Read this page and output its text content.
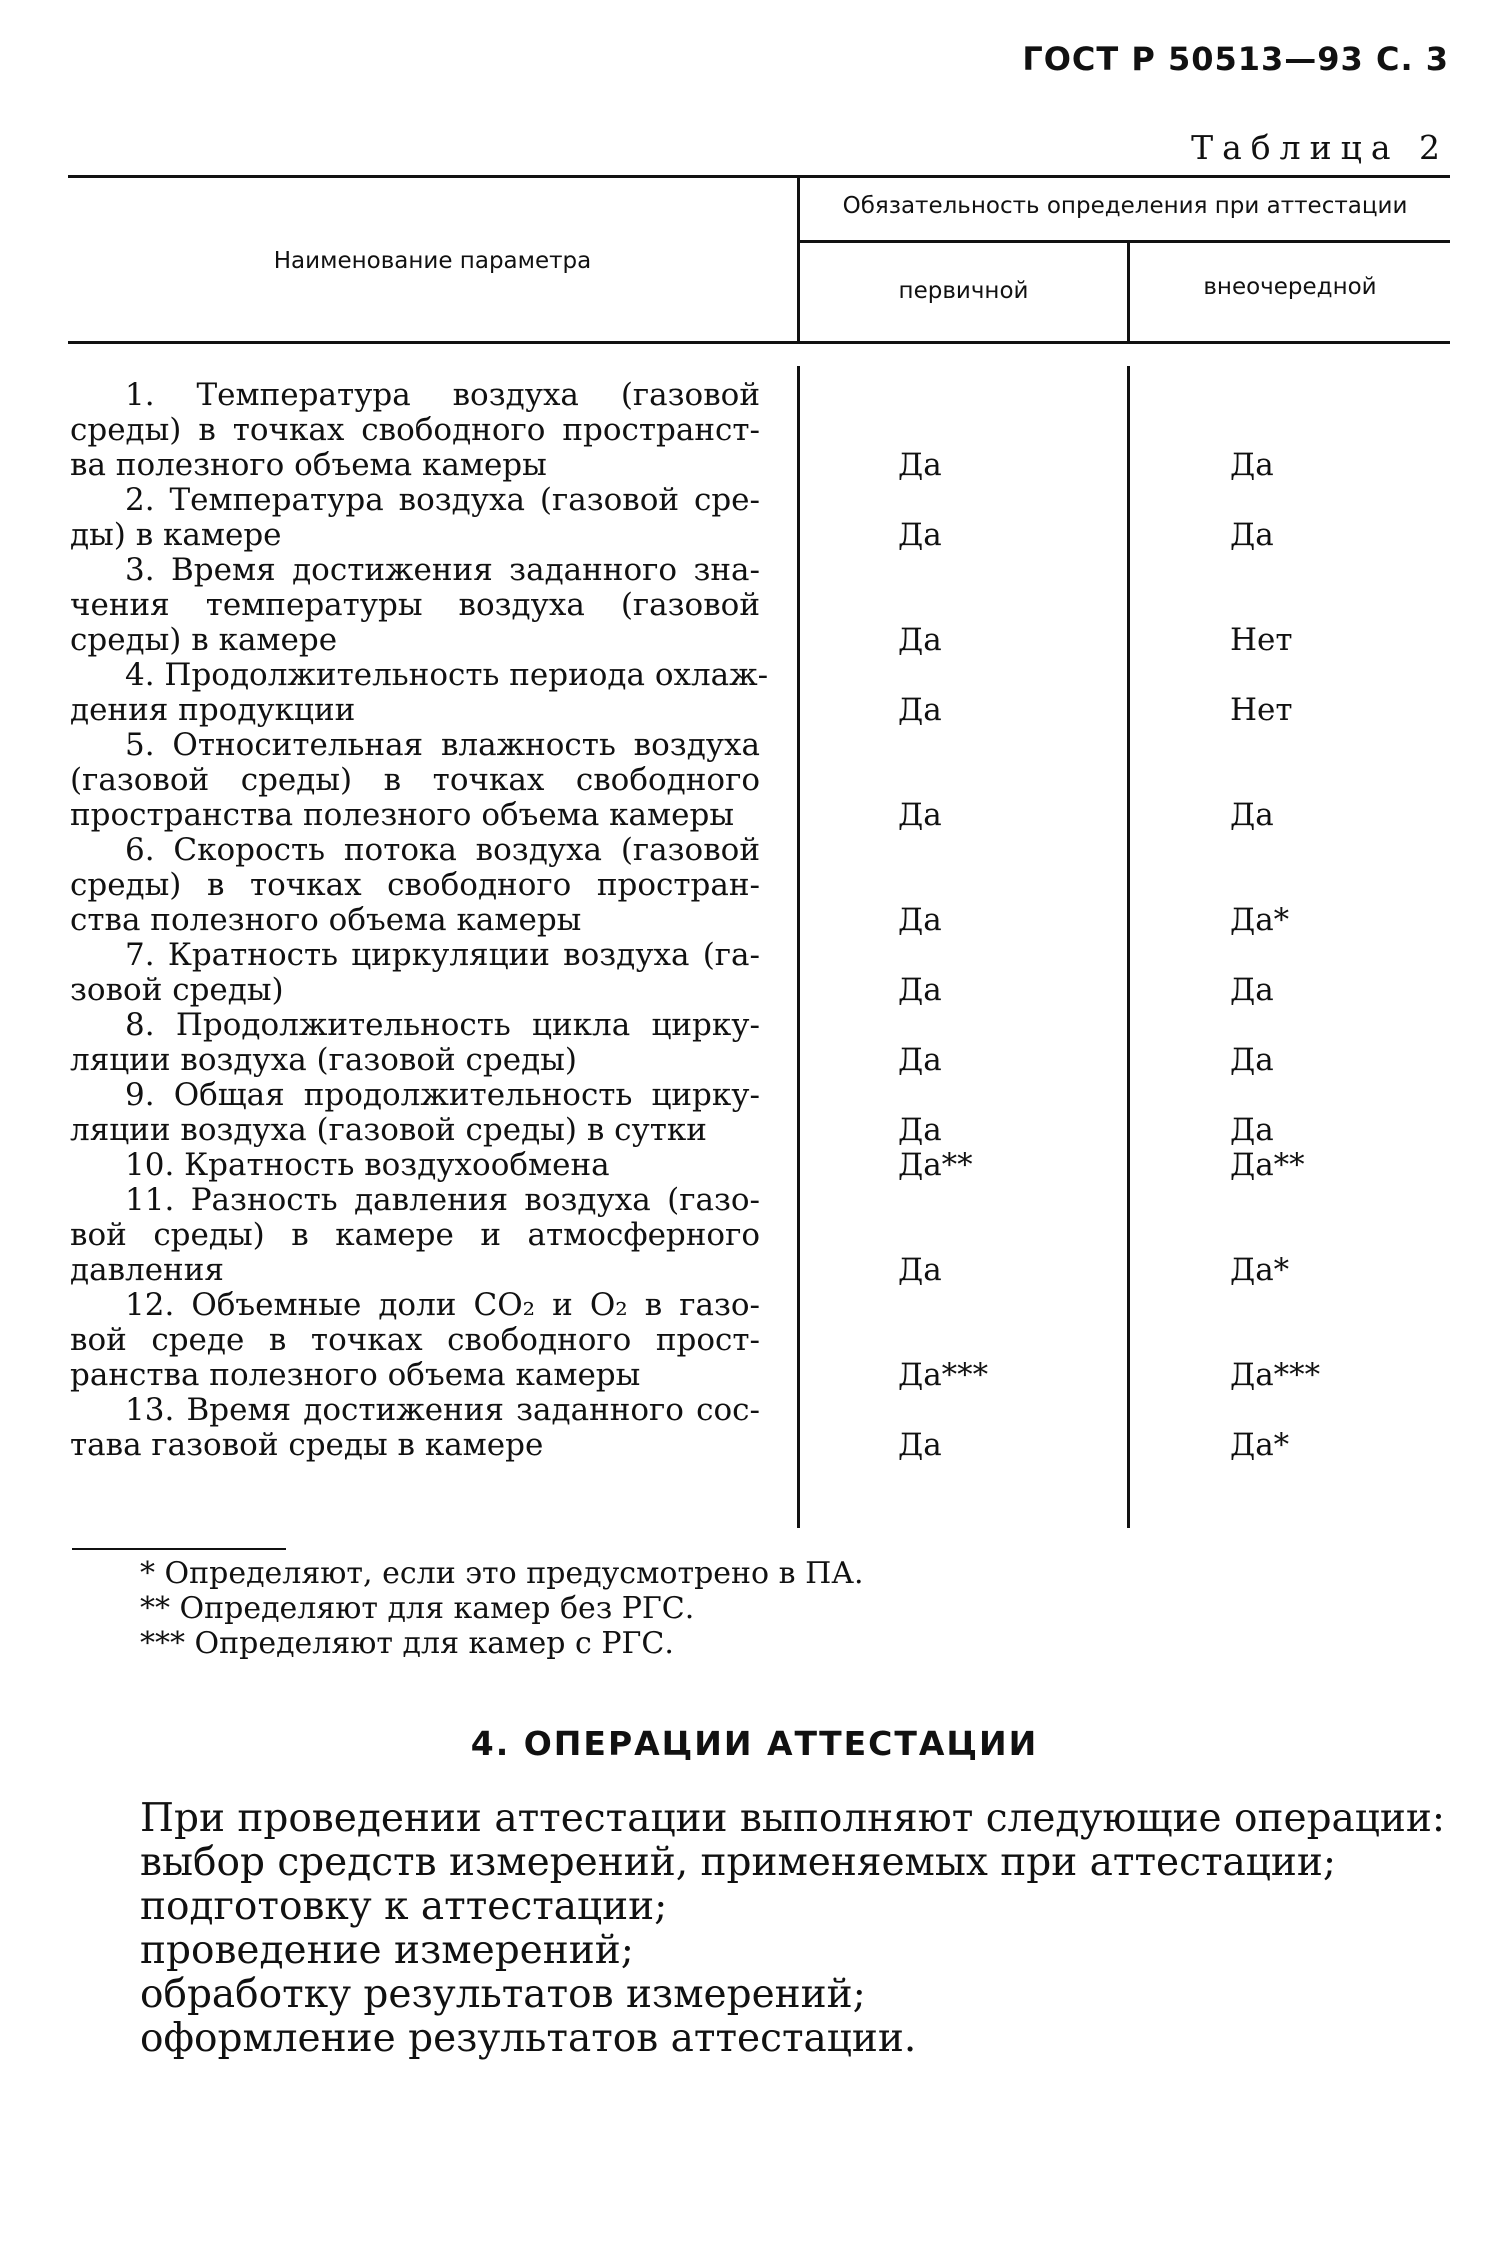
ГОСТ Р 50513—93 С. 3
Таблица 2
Наименование параметра
Обязательность определения при аттестации
первичной	внеочередной
1. Температура воздуха (газовой
среды) в точках свободного пространст-
ва полезного объема камеры	Да	Да
2. Температура воздуха (газовой сре-
ды) в камере	Да	Да
3. Время достижения заданного зна-
чения температуры воздуха (газовой
среды) в камере	Да	Нет
4. Продолжительность периода охлаж-
дения продукции	Да	Нет
5. Относительная влажность воздуха
(газовой среды) в точках свободного
пространства полезного объема камеры	Да	Да
6. Скорость потока воздуха (газовой
среды) в точках свободного простран-
ства полезного объема камеры	Да	Да*
7. Кратность циркуляции воздуха (га-
зовой среды)	Да	Да
8. Продолжительность цикла цирку-
ляции воздуха (газовой среды)	Да	Да
9. Общая продолжительность цирку-
ляции воздуха (газовой среды) в сутки	Да	Да
10. Кратность воздухообмена	Да**	Да**
11. Разность давления воздуха (газо-
вой среды) в камере и атмосферного
давления	Да	Да*
12. Объемные доли CO₂ и O₂ в газо-
вой среде в точках свободного прост-
ранства полезного объема камеры	Да***	Да***
13. Время достижения заданного сос-
тава газовой среды в камере	Да	Да*
* Определяют, если это предусмотрено в ПА.
** Определяют для камер без РГС.
*** Определяют для камер с РГС.
4. ОПЕРАЦИИ АТТЕСТАЦИИ
При проведении аттестации выполняют следующие операции:
выбор средств измерений, применяемых при аттестации;
подготовку к аттестации;
проведение измерений;
обработку результатов измерений;
оформление результатов аттестации.
